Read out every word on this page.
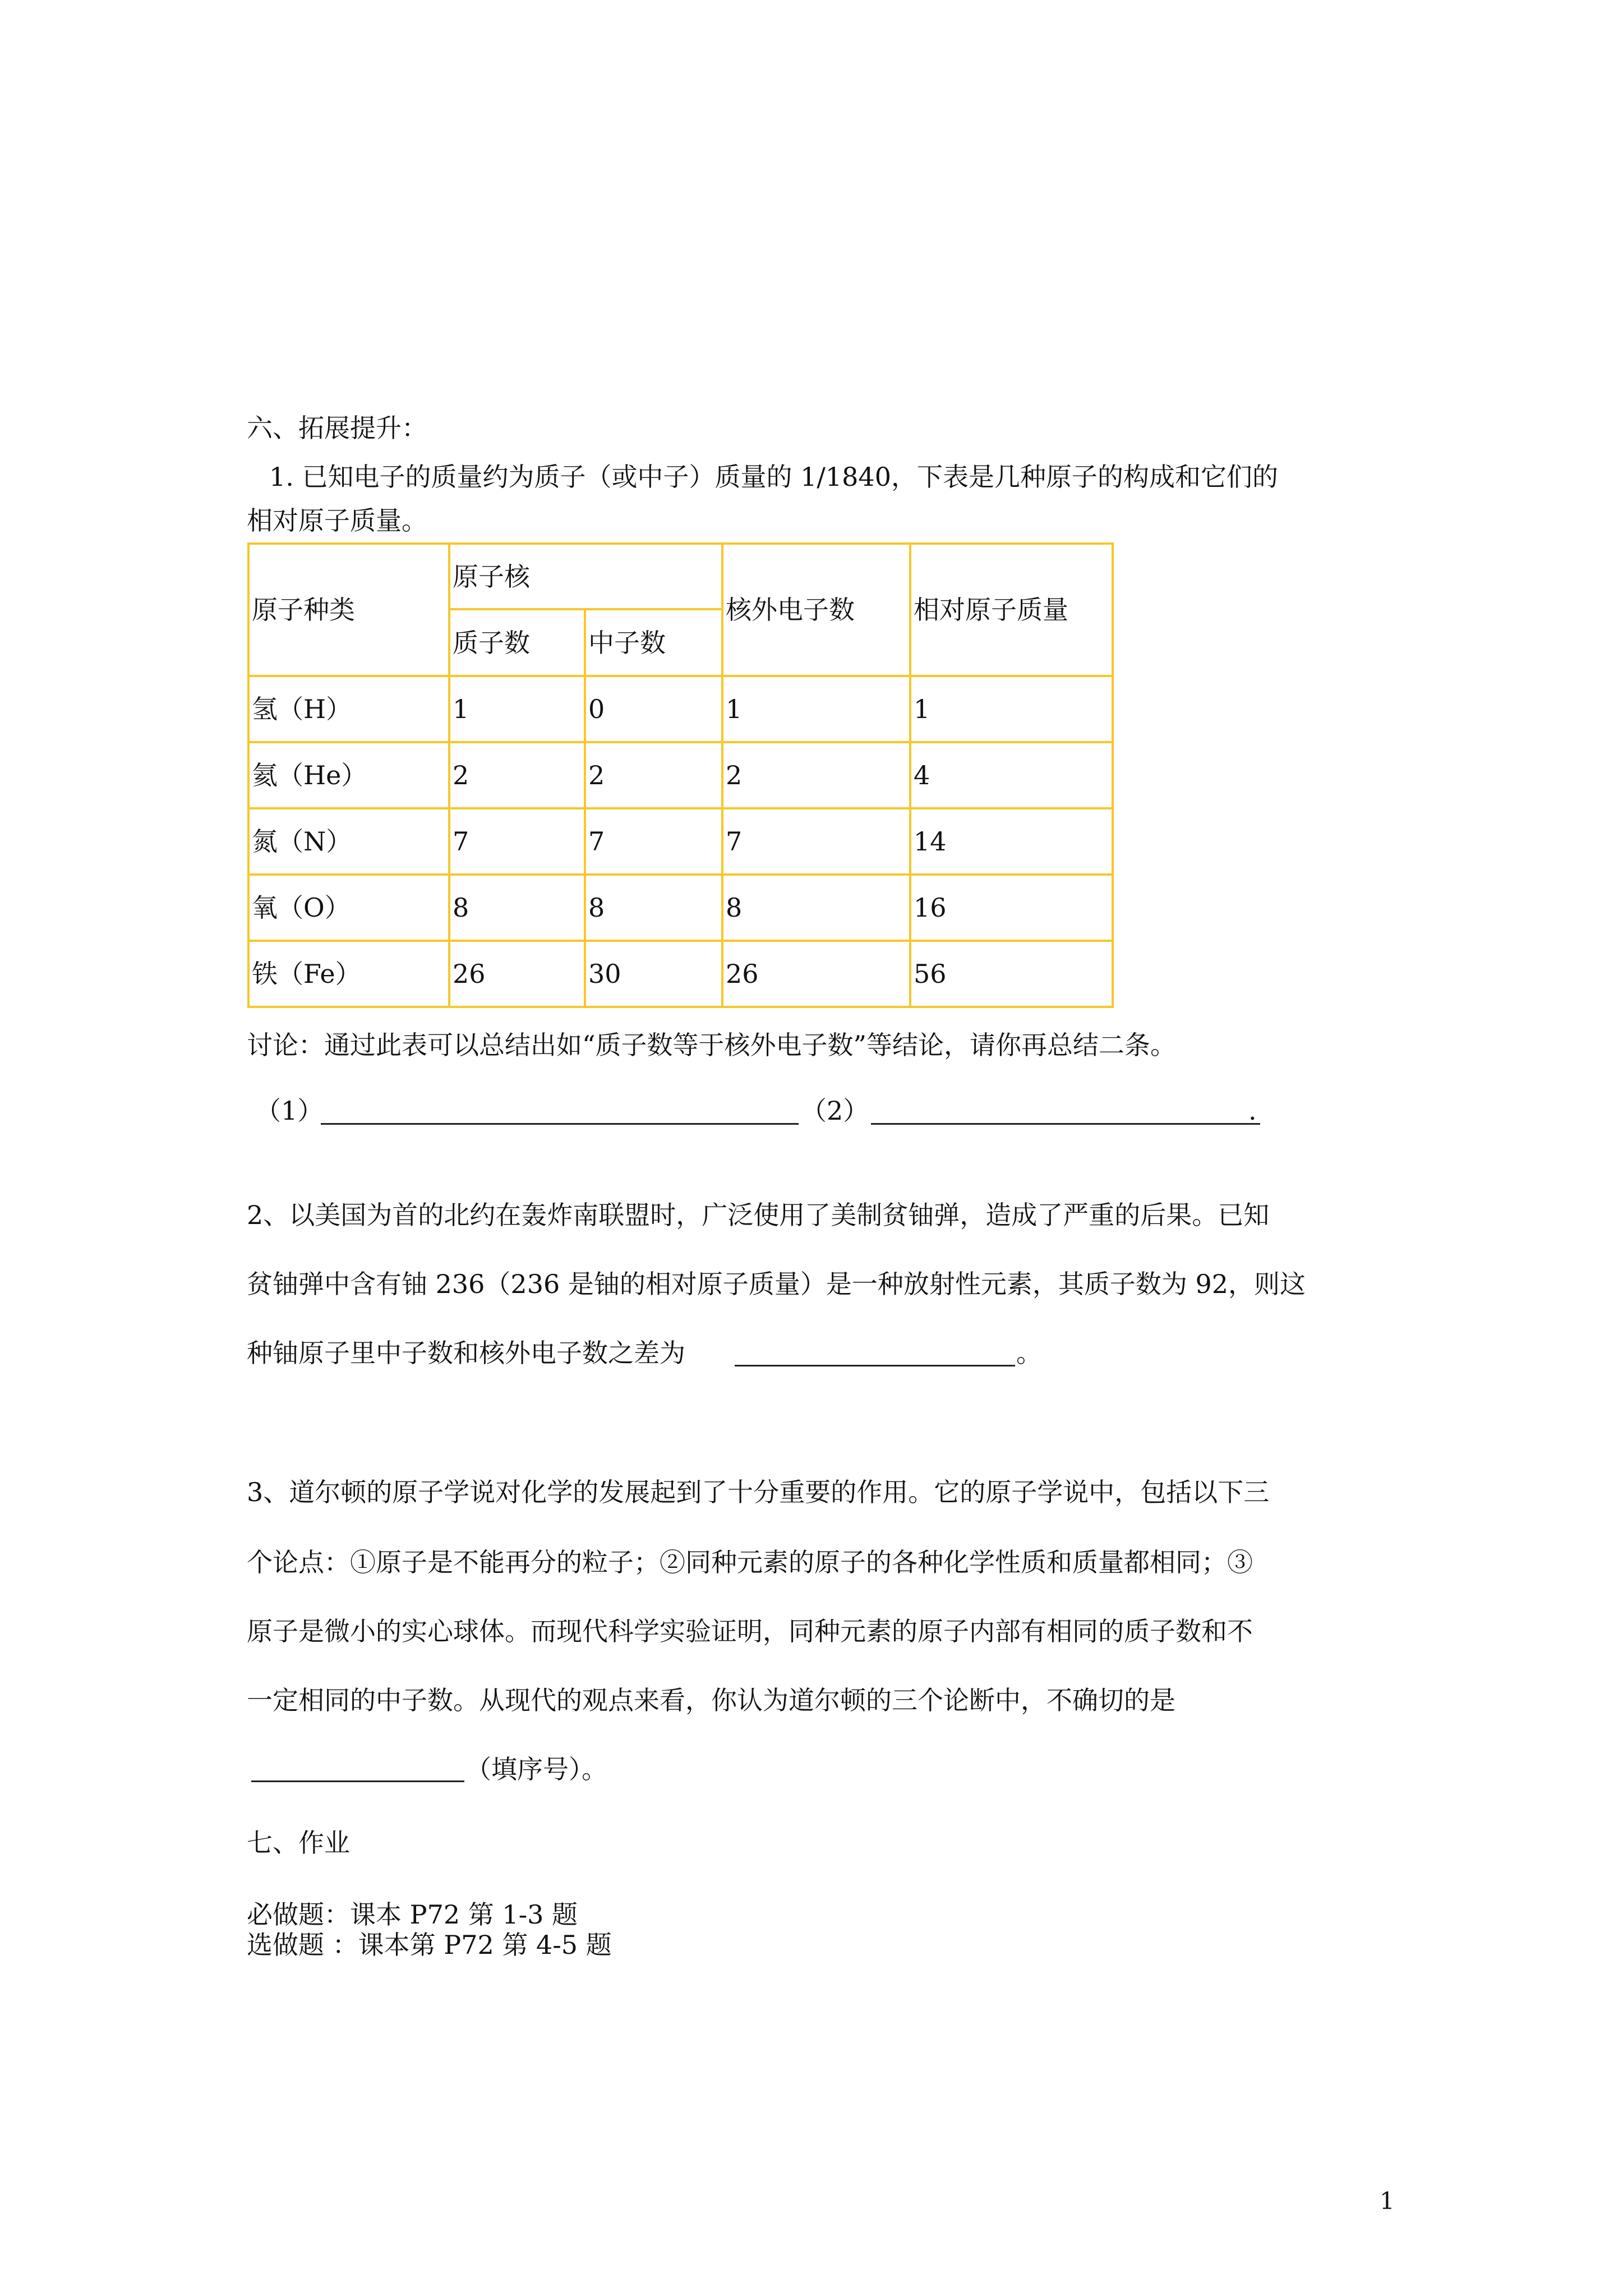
六、拓展提升：

1. 已知电子的质量约为质子（或中子）质量的 1/1840，下表是几种原子的构成和它们的

相对原子质量。

原子种类	原子核		核外电子数	相对原子质量
	质子数	中子数		
氢（H）	1	0	1	1
氦（He）	2	2	2	4
氮（N）	7	7	7	14
氧（O）	8	8	8	16
铁（Fe）	26	30	26	56

讨论：通过此表可以总结出如“质子数等于核外电子数”等结论，请你再总结二条。

（1）	（2）	.

2、以美国为首的北约在轰炸南联盟时，广泛使用了美制贫铀弹，造成了严重的后果。已知

贫铀弹中含有铀 236（236 是铀的相对原子质量）是一种放射性元素，其质子数为 92，则这

种铀原子里中子数和核外电子数之差为	。

3、道尔顿的原子学说对化学的发展起到了十分重要的作用。它的原子学说中，包括以下三

个论点：①原子是不能再分的粒子；②同种元素的原子的各种化学性质和质量都相同；③

原子是微小的实心球体。而现代科学实验证明，同种元素的原子内部有相同的质子数和不

一定相同的中子数。从现代的观点来看，你认为道尔顿的三个论断中，不确切的是

（填序号）。
七、作业

必做题：课本 P72 第 1-3 题

选做题 ：课本第 P72 第 4-5 题

1
